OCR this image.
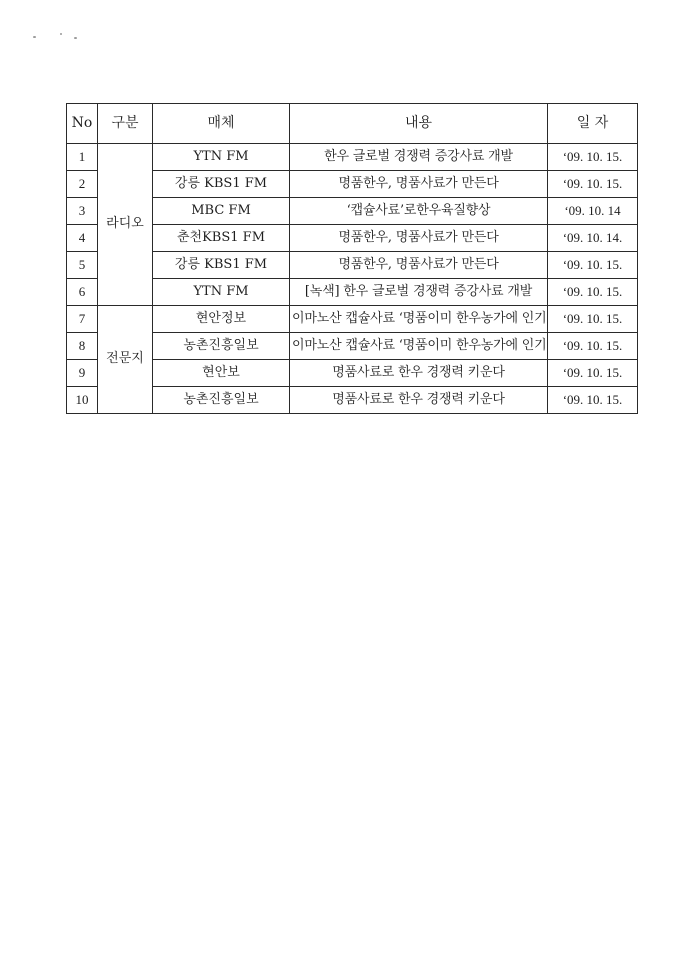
No	구분	매체	내용	일 자
1	라디오	YTN FM	한우 글로벌 경쟁력 증강사료 개발	‘09. 10. 15.
2		강릉 KBS1 FM	명품한우, 명품사료가 만든다	‘09. 10. 15.
3		MBC FM	‘캡슐사료’로한우육질향상	‘09. 10. 14
4		춘천KBS1 FM	명품한우, 명품사료가 만든다	‘09. 10. 14.
5		강릉 KBS1 FM	명품한우, 명품사료가 만든다	‘09. 10. 15.
6		YTN FM	[녹색] 한우 글로벌 경쟁력 증강사료 개발	‘09. 10. 15.
7	전문지	현안정보	이마노산 캡슐사료 ‘명품이미 한우농가에 인기	‘09. 10. 15.
8		농촌진흥일보	이마노산 캡슐사료 ‘명품이미 한우농가에 인기	‘09. 10. 15.
9		현안보	명품사료로 한우 경쟁력 키운다	‘09. 10. 15.
10		농촌진흥일보	명품사료로 한우 경쟁력 키운다	‘09. 10. 15.
